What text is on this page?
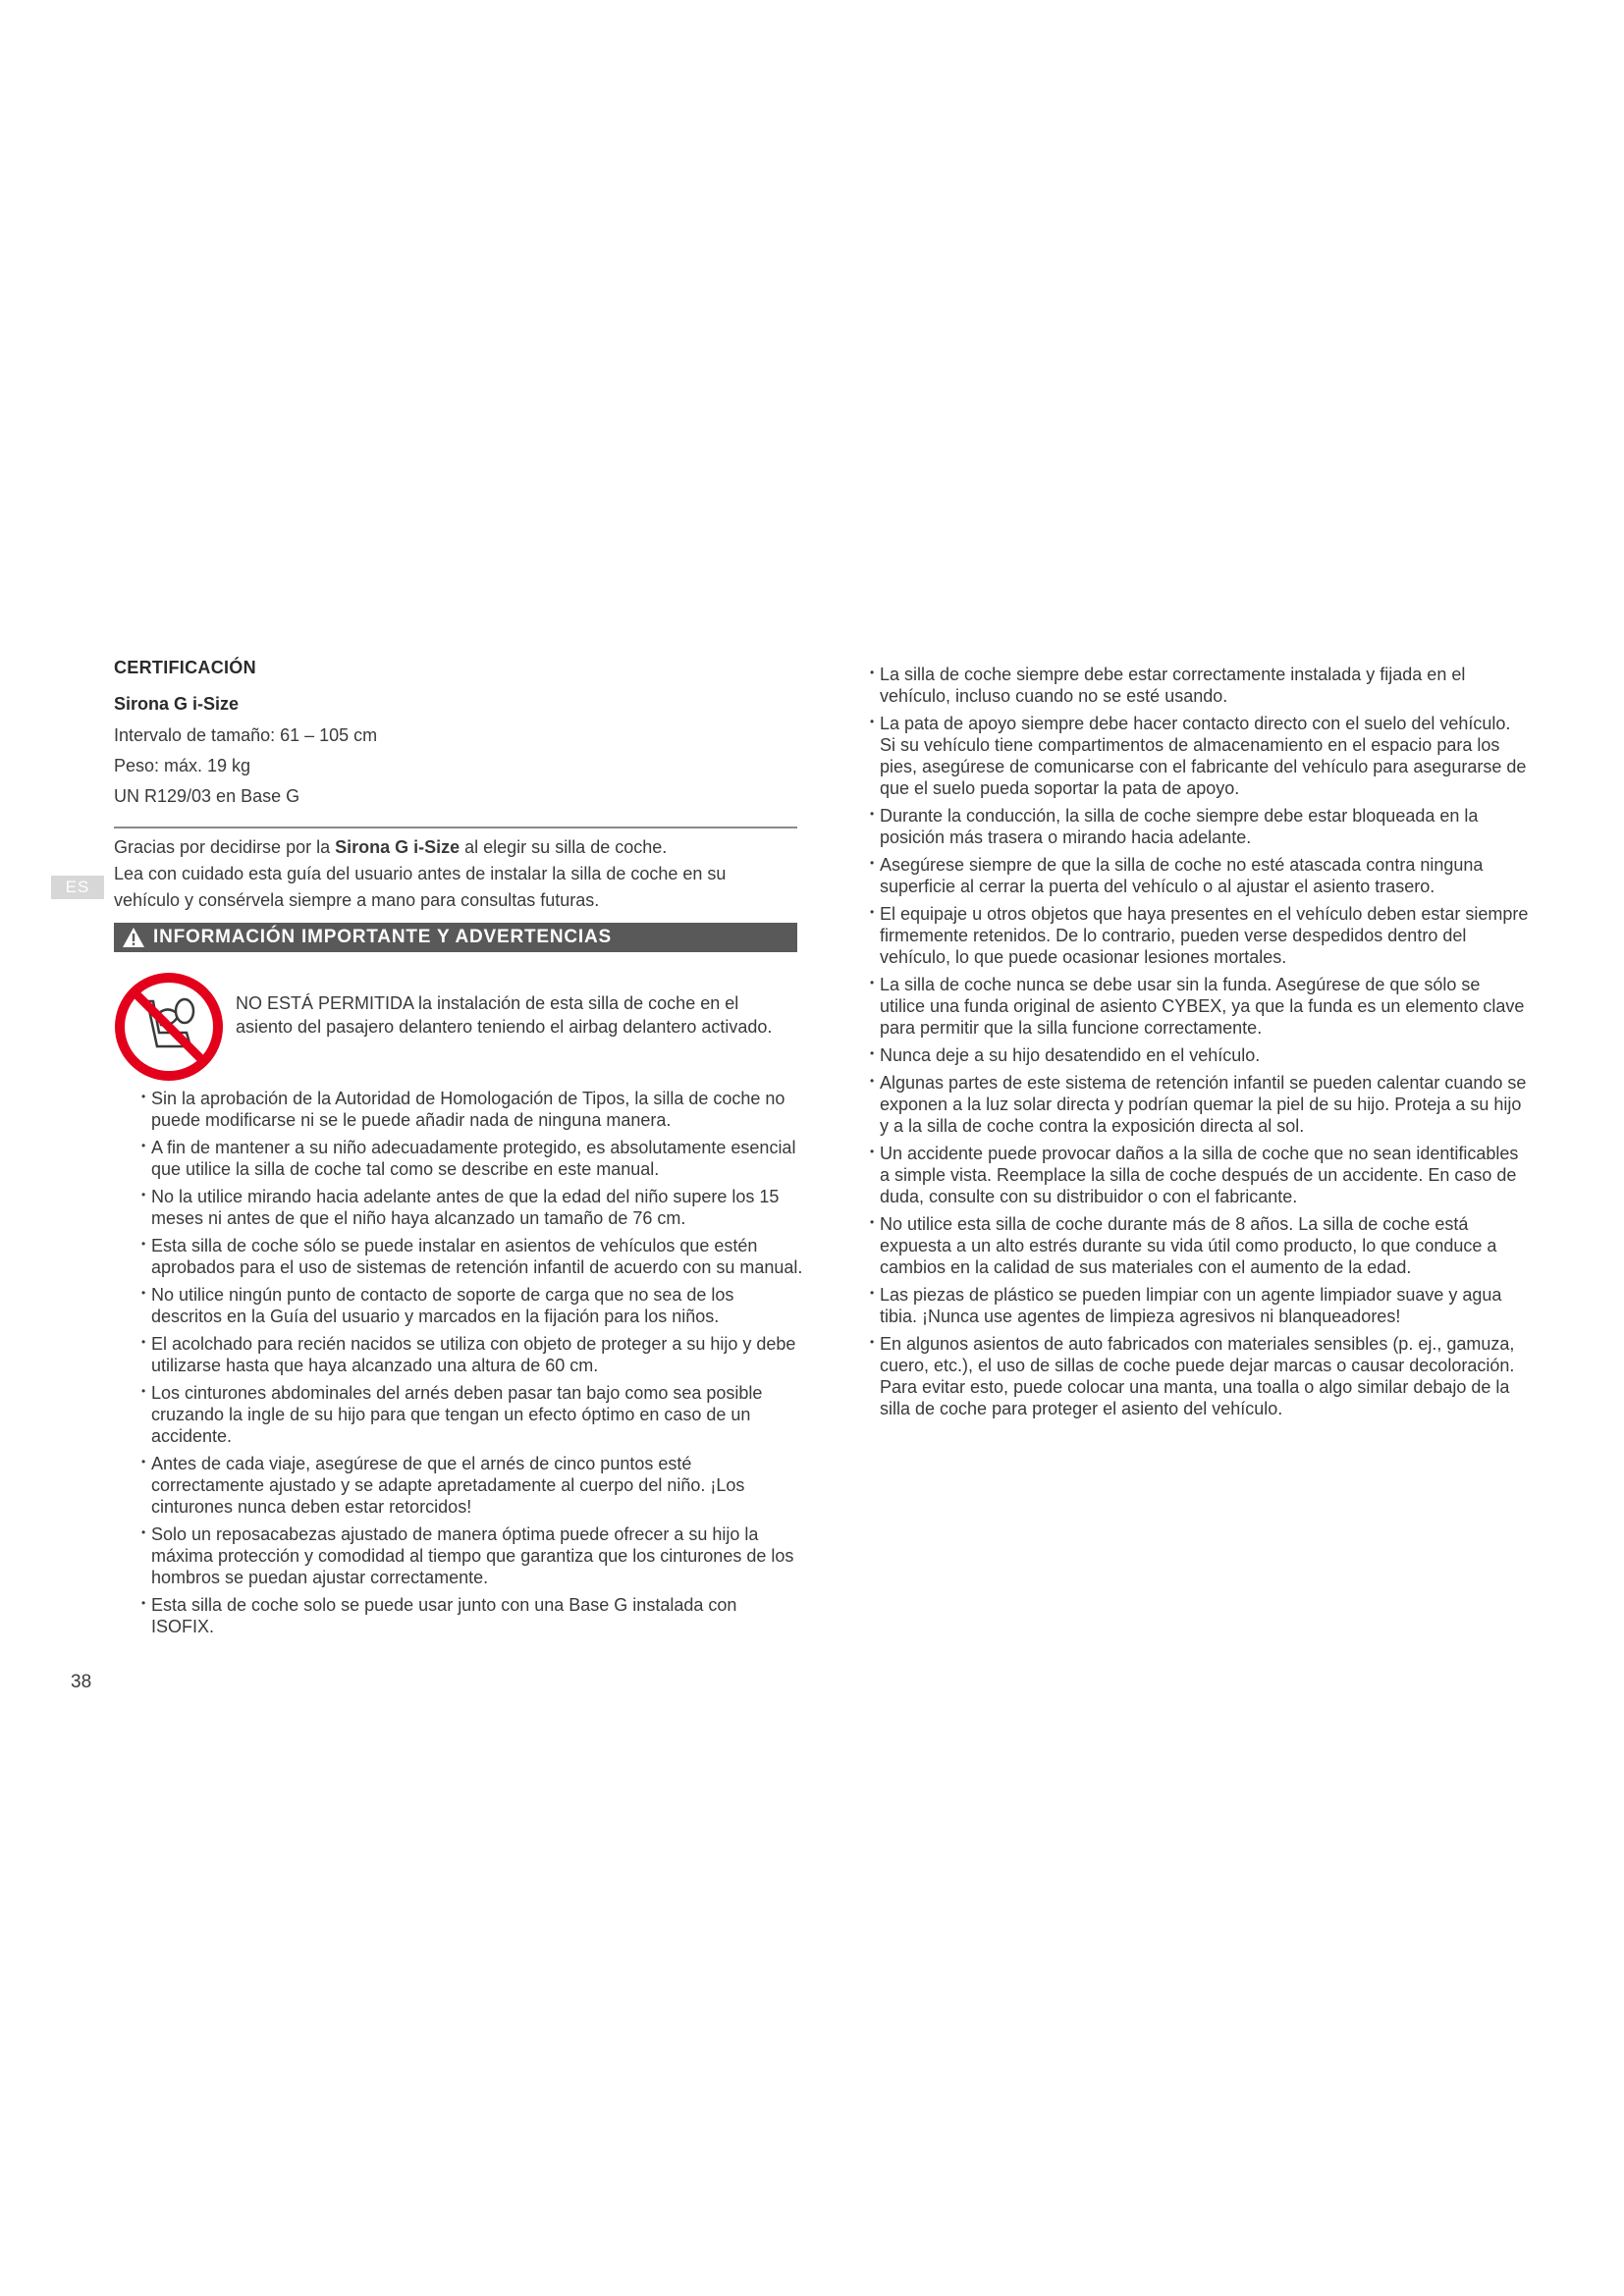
CERTIFICACIÓN
Sirona G i-Size
Intervalo de tamaño: 61 – 105 cm
Peso: máx. 19 kg
UN R129/03 en Base G

Gracias por decidirse por la Sirona G i-Size al elegir su silla de coche.

Lea con cuidado esta guía del usuario antes de instalar la silla de coche en su

vehículo y consérvela siempre a mano para consultas futuras.

ES
INFORMACIÓN IMPORTANTE Y ADVERTENCIAS
NO ESTÁ PERMITIDA la instalación de esta silla de coche en el asiento del pasajero delantero teniendo el airbag delantero activado.
• Sin la aprobación de la Autoridad de Homologación de Tipos, la silla de coche no puede modificarse ni se le puede añadir nada de ninguna manera.
• A fin de mantener a su niño adecuadamente protegido, es absolutamente esencial que utilice la silla de coche tal como se describe en este manual.
• No la utilice mirando hacia adelante antes de que la edad del niño supere los 15 meses ni antes de que el niño haya alcanzado un tamaño de 76 cm.
• Esta silla de coche sólo se puede instalar en asientos de vehículos que estén aprobados para el uso de sistemas de retención infantil de acuerdo con su manual.
• No utilice ningún punto de contacto de soporte de carga que no sea de los descritos en la Guía del usuario y marcados en la fijación para los niños.
• El acolchado para recién nacidos se utiliza con objeto de proteger a su hijo y debe utilizarse hasta que haya alcanzado una altura de 60 cm.
• Los cinturones abdominales del arnés deben pasar tan bajo como sea posible cruzando la ingle de su hijo para que tengan un efecto óptimo en caso de un accidente.
• Antes de cada viaje, asegúrese de que el arnés de cinco puntos esté correctamente ajustado y se adapte apretadamente al cuerpo del niño. ¡Los cinturones nunca deben estar retorcidos!
• Solo un reposacabezas ajustado de manera óptima puede ofrecer a su hijo la máxima protección y comodidad al tiempo que garantiza que los cinturones de los hombros se puedan ajustar correctamente.
• Esta silla de coche solo se puede usar junto con una Base G instalada con ISOFIX.
• La silla de coche siempre debe estar correctamente instalada y fijada en el vehículo, incluso cuando no se esté usando.
• La pata de apoyo siempre debe hacer contacto directo con el suelo del vehículo. Si su vehículo tiene compartimentos de almacenamiento en el espacio para los pies, asegúrese de comunicarse con el fabricante del vehículo para asegurarse de que el suelo pueda soportar la pata de apoyo.
• Durante la conducción, la silla de coche siempre debe estar bloqueada en la posición más trasera o mirando hacia adelante.
• Asegúrese siempre de que la silla de coche no esté atascada contra ninguna superficie al cerrar la puerta del vehículo o al ajustar el asiento trasero.
• El equipaje u otros objetos que haya presentes en el vehículo deben estar siempre firmemente retenidos. De lo contrario, pueden verse despedidos dentro del vehículo, lo que puede ocasionar lesiones mortales.
• La silla de coche nunca se debe usar sin la funda. Asegúrese de que sólo se utilice una funda original de asiento CYBEX, ya que la funda es un elemento clave para permitir que la silla funcione correctamente.
• Nunca deje a su hijo desatendido en el vehículo.
• Algunas partes de este sistema de retención infantil se pueden calentar cuando se exponen a la luz solar directa y podrían quemar la piel de su hijo. Proteja a su hijo y a la silla de coche contra la exposición directa al sol.
• Un accidente puede provocar daños a la silla de coche que no sean identificables a simple vista. Reemplace la silla de coche después de un accidente. En caso de duda, consulte con su distribuidor o con el fabricante.
• No utilice esta silla de coche durante más de 8 años. La silla de coche está expuesta a un alto estrés durante su vida útil como producto, lo que conduce a cambios en la calidad de sus materiales con el aumento de la edad.
• Las piezas de plástico se pueden limpiar con un agente limpiador suave y agua tibia. ¡Nunca use agentes de limpieza agresivos ni blanqueadores!
• En algunos asientos de auto fabricados con materiales sensibles (p. ej., gamuza, cuero, etc.), el uso de sillas de coche puede dejar marcas o causar decoloración. Para evitar esto, puede colocar una manta, una toalla o algo similar debajo de la silla de coche para proteger el asiento del vehículo.
38
